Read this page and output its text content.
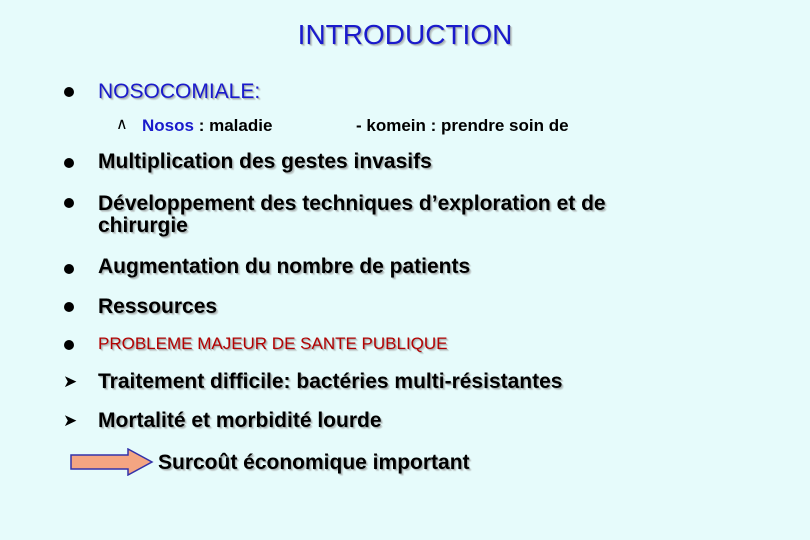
INTRODUCTION
NOSOCOMIALE:
∧ Nosos : maladie	- komein : prendre soin de
Multiplication des gestes invasifs
Développement des techniques d’exploration et de
chirurgie
Augmentation du nombre de patients
Ressources
PROBLEME MAJEUR DE SANTE PUBLIQUE
➤ Traitement difficile: bactéries multi-résistantes
➤ Mortalité et morbidité lourde
Surcoût économique important
